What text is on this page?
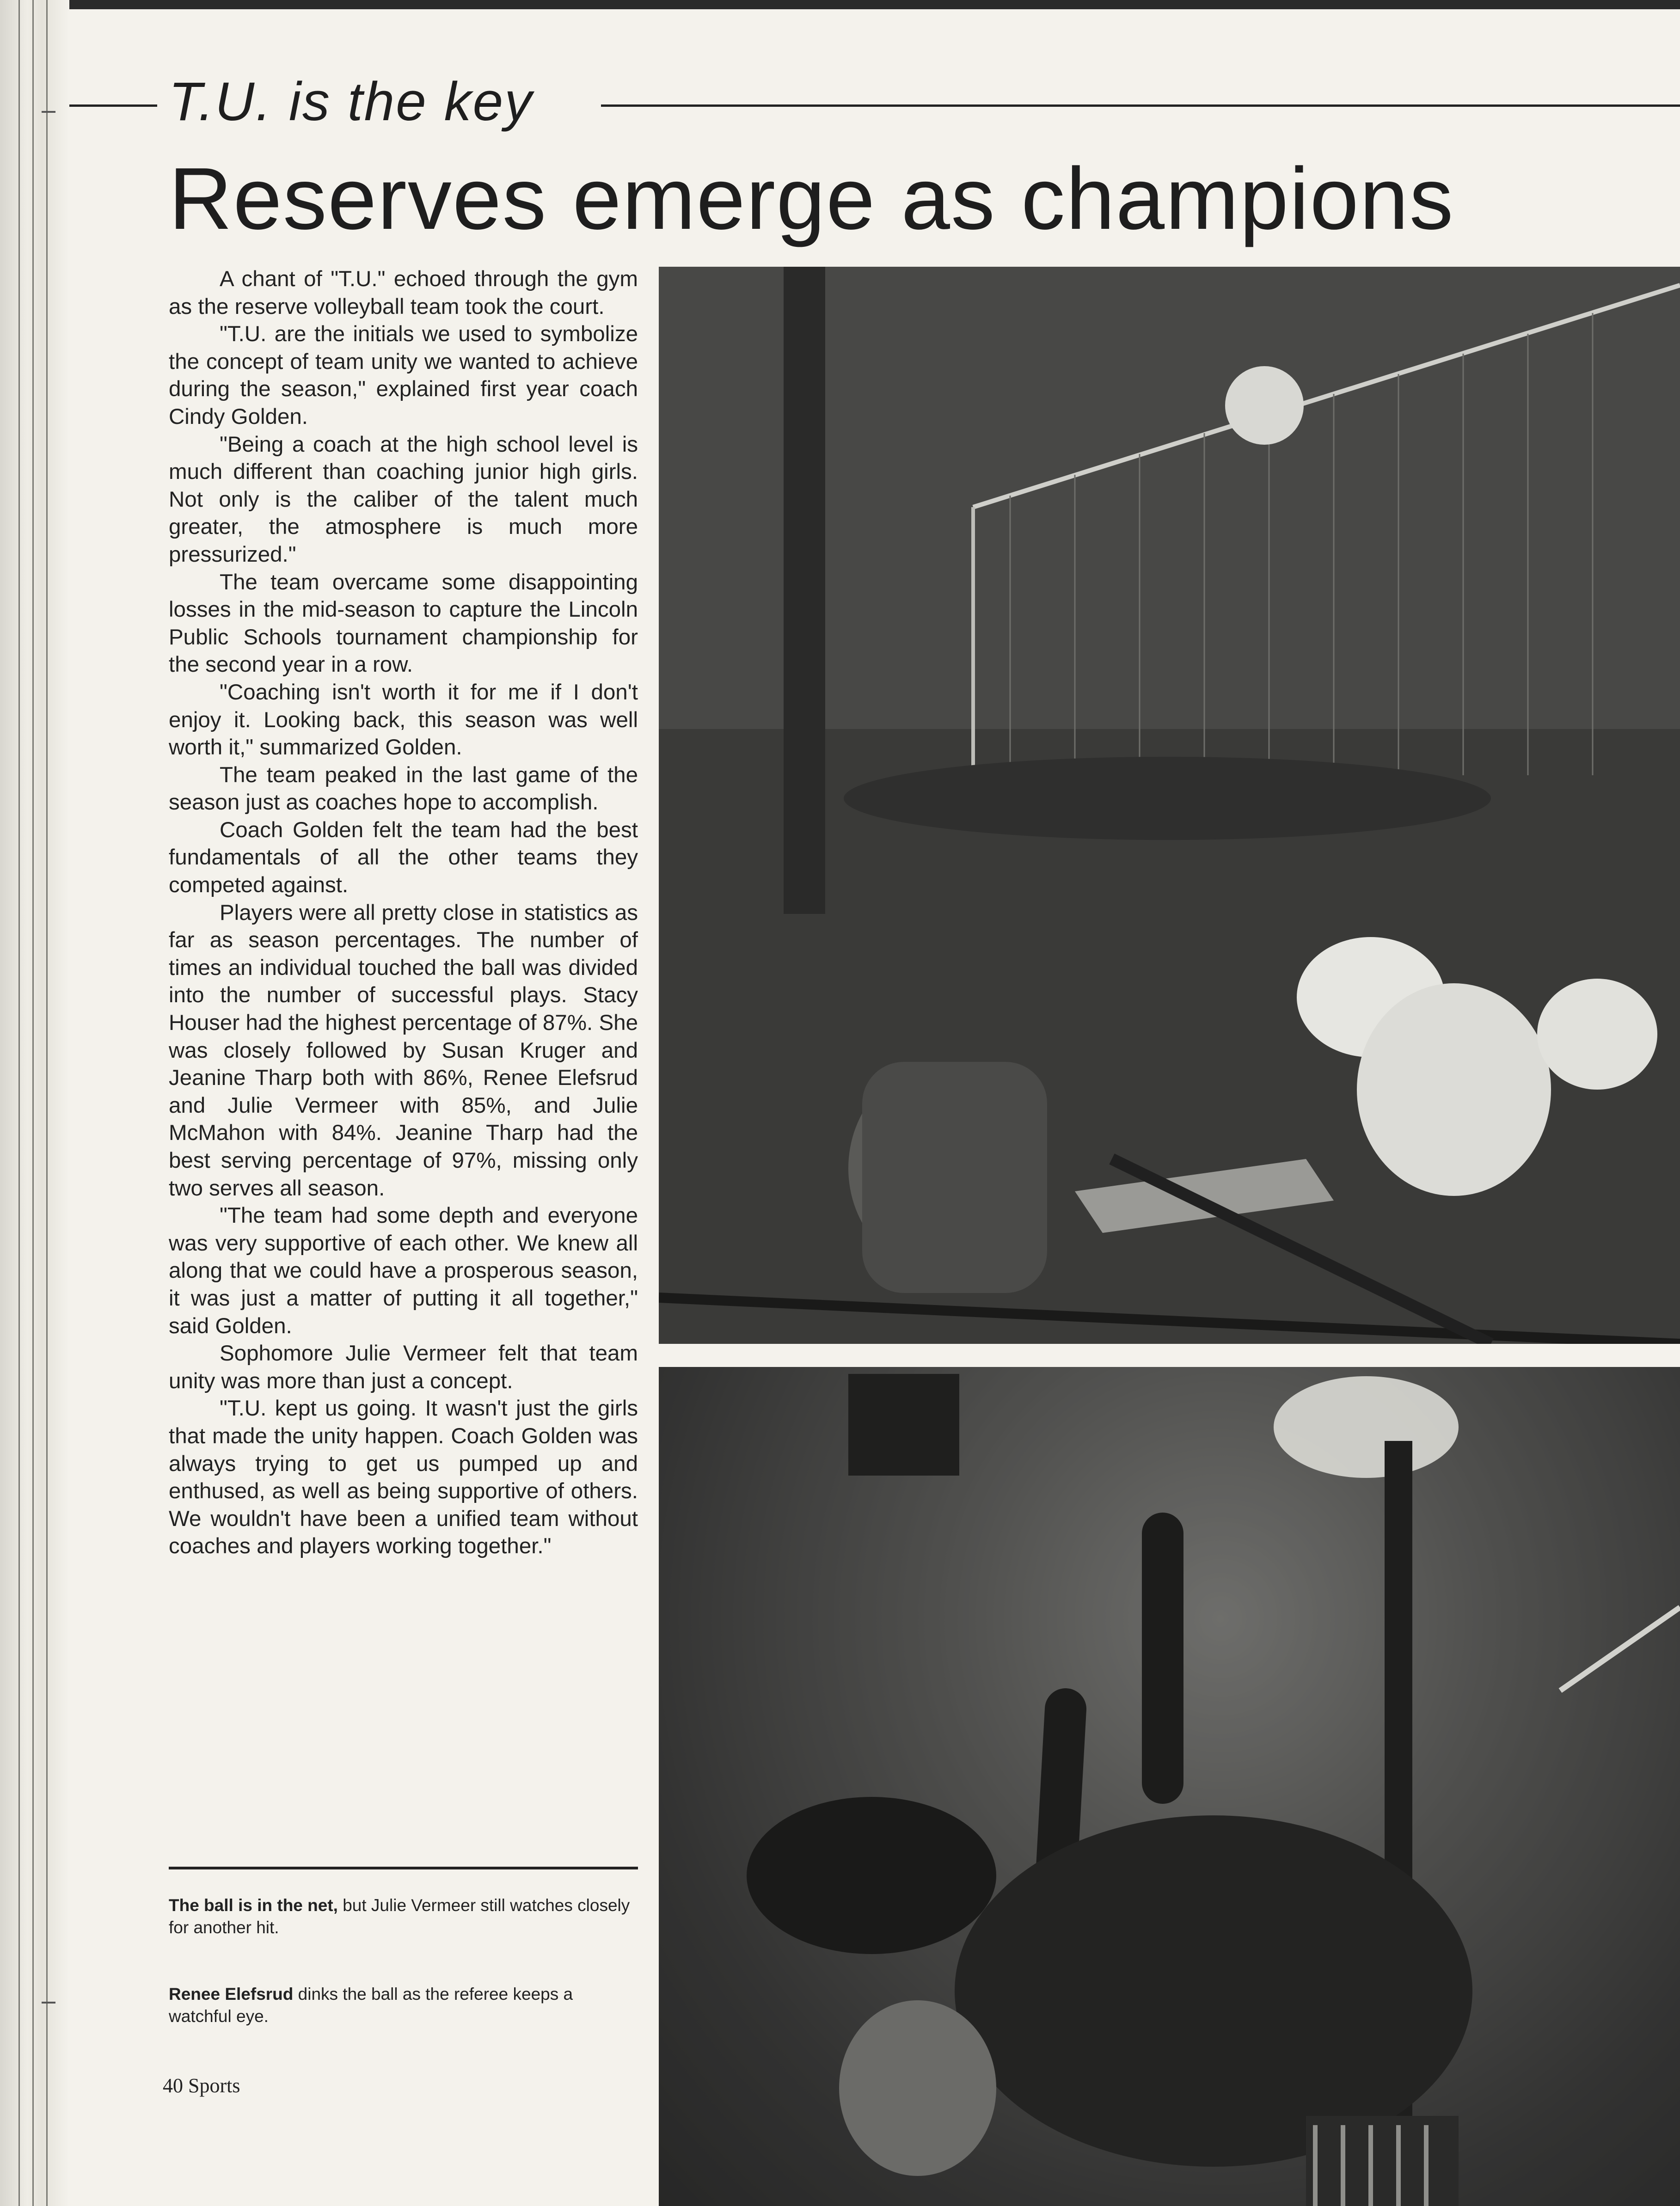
T.U. is the key
Reserves emerge as champions

A chant of "T.U." echoed through the gym as the reserve volleyball team took the court.

"T.U. are the initials we used to symbolize the concept of team unity we wanted to achieve during the season," explained first year coach Cindy Golden.

"Being a coach at the high school level is much different than coaching junior high girls. Not only is the caliber of the talent much greater, the atmosphere is much more pressurized."

The team overcame some disappointing losses in the mid-season to capture the Lincoln Public Schools tournament championship for the second year in a row.

"Coaching isn't worth it for me if I don't enjoy it. Looking back, this season was well worth it," summarized Golden.

The team peaked in the last game of the season just as coaches hope to accomplish.

Coach Golden felt the team had the best fundamentals of all the other teams they competed against.

Players were all pretty close in statistics as far as season percentages. The number of times an individual touched the ball was divided into the number of successful plays. Stacy Houser had the highest percentage of 87%. She was closely followed by Susan Kruger and Jeanine Tharp both with 86%, Renee Elefsrud and Julie Vermeer with 85%, and Julie McMahon with 84%. Jeanine Tharp had the best serving percentage of 97%, missing only two serves all season.

"The team had some depth and everyone was very supportive of each other. We knew all along that we could have a prosperous season, it was just a matter of putting it all together," said Golden.

Sophomore Julie Vermeer felt that team unity was more than just a concept.

"T.U. kept us going. It wasn't just the girls that made the unity happen. Coach Golden was always trying to get us pumped up and enthused, as well as being supportive of others. We wouldn't have been a unified team without coaches and players working together."

The ball is in the net, but Julie Vermeer still watches closely for another hit.
Renee Elefsrud dinks the ball as the referee keeps a watchful eye.
40 Sports
